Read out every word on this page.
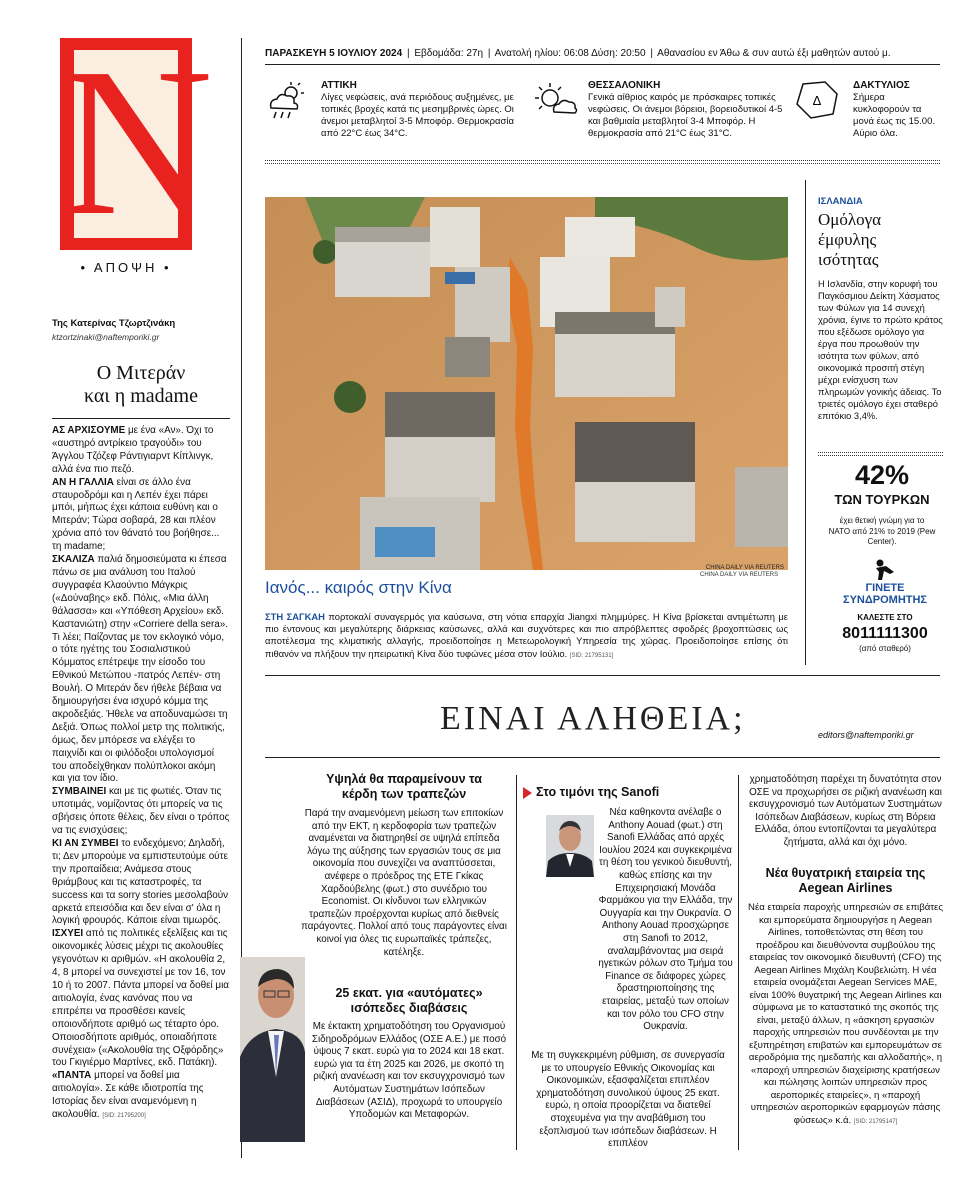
N
• ΑΠΟΨΗ •
ΠΑΡΑΣΚΕΥΗ 5 ΙΟΥΛΙΟΥ 2024 | Εβδομάδα: 27η | Ανατολή ηλίου: 06:08 Δύση: 20:50 | Αθανασίου εν Άθω & συν αυτώ έξι μαθητών αυτού μ.
ΑΤΤΙΚΗ
Λίγες νεφώσεις, ανά περιόδους αυξημένες, με τοπικές βροχές κατά τις μεσημβρινές ώρες. Οι άνεμοι μεταβλητοί 3-5 Μποφόρ. Θερμοκρασία από 22°C έως 34°C.
ΘΕΣΣΑΛΟΝΙΚΗ
Γενικά αίθριος καιρός με πρόσκαιρες τοπικές νεφώσεις. Οι άνεμοι βόρειοι, βορειοδυτικοί 4-5 και βαθμιαία μεταβλητοί 3-4 Μποφόρ. Η θερμοκρασία από 21°C έως 31°C.
Δ
ΔΑΚΤΥΛΙΟΣ
Σήμερα κυκλοφορούν τα μονά έως τις 15.00. Αύριο όλα.
Της Κατερίνας Τζωρτζινάκη
ktzortzinaki@naftemporiki.gr
Ο Μιτεράν
και η madame

ΑΣ ΑΡΧΙΣΟΥΜΕ με ένα «Αν». Όχι το «αυστηρό αντρίκειο τραγούδι» του Άγγλου Τζόζεφ Ράντιγιαρντ Κίπλινγκ, αλλά ένα πιο πεζό.

ΑΝ Η ΓΑΛΛΙΑ είναι σε άλλο ένα σταυροδρόμι και η Λεπέν έχει πάρει μπόι, μήπως έχει κάποια ευθύνη και ο Μιτεράν; Τώρα σοβαρά, 28 και πλέον χρόνια από τον θάνατό του βοήθησε... τη madame;

ΣΚΑΛΙΖΑ παλιά δημοσιεύματα κι έπεσα πάνω σε μια ανάλυση του Ιταλού συγγραφέα Κλαούντιο Μάγκρις («Δούναβης» εκδ. Πόλις, «Μια άλλη θάλασσα» και «Υπόθεση Αρχείου» εκδ. Καστανιώτη) στην «Corriere della sera». Τι λέει; Παίζοντας με τον εκλογικό νόμο, ο τότε ηγέτης του Σοσιαλιστικού Κόμματος επέτρεψε την είσοδο του Εθνικού Μετώπου -πατρός Λεπέν- στη Βουλή. Ο Μιτεράν δεν ήθελε βέβαια να δημιουργήσει ένα ισχυρό κόμμα της ακροδεξιάς. Ήθελε να αποδυναμώσει τη Δεξιά. Όπως πολλοί μετρ της πολιτικής, όμως, δεν μπόρεσε να ελέγξει το παιχνίδι και οι φιλόδοξοι υπολογισμοί του αποδείχθηκαν πολύπλοκοι ακόμη και για τον ίδιο.

ΣΥΜΒΑΙΝΕΙ και με τις φωτιές. Όταν τις υποτιμάς, νομίζοντας ότι μπορείς να τις σβήσεις όποτε θέλεις, δεν είναι ο τρόπος να τις ενισχύσεις;

ΚΙ ΑΝ ΣΥΜΒΕΙ το ενδεχόμενο; Δηλαδή, τι; Δεν μπορούμε να εμπιστευτούμε ούτε την προπαίδεια; Ανάμεσα στους θριάμβους και τις καταστροφές, τα success και τα sorry stories μεσολαβούν αρκετά επεισόδια και δεν είναι σ' όλα η λογική φρουρός. Κάποιε είναι τιμωρός.

ΙΣΧΥΕΙ από τις πολιτικές εξελίξεις και τις οικονομικές λύσεις μέχρι τις ακολουθίες γεγονότων κι αριθμών. «Η ακολουθία 2, 4, 8 μπορεί να συνεχιστεί με τον 16, τον 10 ή το 2007. Πάντα μπορεί να δοθεί μια αιτιολογία, ένας κανόνας που να επιτρέπει να προσθέσει κανείς οποιονδήποτε αριθμό ως τέταρτο όρο. Οποιοσδήποτε αριθμός, οποιαδήποτε συνέχεια» («Ακολουθία της Οξφόρδης» του Γκιγιέρμο Μαρτίνες, εκδ. Πατάκη).

«ΠΑΝΤΑ μπορεί να δοθεί μια αιτιολογία». Σε κάθε ιδιοτροπία της Ιστορίας δεν είναι αναμενόμενη η ακολουθία. [SID: 21795200]

CHINA DAILY VIA REUTERS
CHINA DAILY VIA REUTERS
Ιανός... καιρός στην Κίνα
ΣΤΗ ΣΑΓΚΑΗ πορτοκαλί συναγερμός για καύσωνα, στη νότια επαρχία Jiangxi πλημμύρες. Η Κίνα βρίσκεται αντιμέτωπη με πιο έντονους και μεγαλύτερης διάρκειας καύσωνες, αλλά και συχνότερες και πιο απρόβλεπτες σφοδρές βροχοπτώσεις ως αποτέλεσμα της κλιματικής αλλαγής, προειδοποίησε η Μετεωρολογική Υπηρεσία της χώρας. Προειδοποίησε επίσης ότι πιθανόν να πλήξουν την ηπειρωτική Κίνα δύο τυφώνες μέσα στον Ιούλιο. [SID: 21795131]
ΙΣΛΑΝΔΙΑ
Ομόλογα έμφυλης ισότητας
Η Ισλανδία, στην κορυφή του Παγκόσμιου Δείκτη Χάσματος των Φύλων για 14 συνεχή χρόνια, έγινε το πρώτο κράτος που εξέδωσε ομόλογο για έργα που προωθούν την ισότητα των φύλων, από οικονομικά προσιτή στέγη μέχρι ενίσχυση των πληρωμών γονικής άδειας. Το τριετές ομόλογο έχει σταθερό επιτόκιο 3,4%.
42%
ΤΩΝ ΤΟΥΡΚΩΝ
έχει θετική γνώμη για το ΝΑΤΟ από 21% το 2019 (Pew Center).
ΓΙΝΕΤΕ
ΣΥΝΔΡΟΜΗΤΗΣ
ΚΑΛΕΣΤΕ ΣΤΟ
8011111300
(από σταθερό)
ΕΙΝΑΙ ΑΛΗΘΕΙΑ;	editors@naftemporiki.gr
Υψηλά θα παραμείνουν τα κέρδη των τραπεζών

Παρά την αναμενόμενη μείωση των επιτοκίων από την ΕΚΤ, η κερδοφορία των τραπεζών αναμένεται να διατηρηθεί σε υψηλά επίπεδα λόγω της αύξησης των εργασιών τους σε μια οικονομία που συνεχίζει να αναπτύσσεται, ανέφερε ο πρόεδρος της ΕΤΕ Γκίκας Χαρδούβελης (φωτ.) στο συνέδριο του Economist. Οι κίνδυνοι των ελληνικών τραπεζών προέρχονται κυρίως από διεθνείς παράγοντες. Πολλοί από τους παράγοντες είναι κοινοί για όλες τις ευρωπαϊκές τράπεζες, κατέληξε.

25 εκατ. για «αυτόματες» ισόπεδες διαβάσεις

Με έκτακτη χρηματοδότηση του Οργανισμού Σιδηροδρόμων Ελλάδος (ΟΣΕ Α.Ε.) με ποσό ύψους 7 εκατ. ευρώ για το 2024 και 18 εκατ. ευρώ για τα έτη 2025 και 2026, με σκοπό τη ριζική ανανέωση και τον εκσυγχρονισμό των Αυτόματων Συστημάτων Ισόπεδων Διαβάσεων (ΑΣΙΔ), προχωρά το υπουργείο Υποδομών και Μεταφορών.

Στο τιμόνι της Sanofi

Νέα καθηκοντα ανέλαβε ο Anthony Aouad (φωτ.) στη Sanofi Ελλάδας από αρχές Ιουλίου 2024 και συγκεκριμένα τη θέση του γενικού διευθυντή, καθώς επίσης και την Επιχειρησιακή Μονάδα Φαρμάκου για την Ελλάδα, την Ουγγαρία και την Ουκρανία. O Anthony Aouad προσχώρησε στη Sanofi το 2012, αναλαμβάνοντας μια σειρά ηγετικών ρόλων στο Τμήμα του Finance σε διάφορες χώρες δραστηριοποίησης της εταιρείας, μεταξύ των οποίων και τον ρόλο του CFO στην Ουκρανία.

Με τη συγκεκριμένη ρύθμιση, σε συνεργασία με το υπουργείο Εθνικής Οικονομίας και Οικονομικών, εξασφαλίζεται επιπλέον χρηματοδότηση συνολικού ύψους 25 εκατ. ευρώ, η οποία προορίζεται να διατεθεί στοχευμένα για την αναβάθμιση του εξοπλισμού των ισόπεδων διαβάσεων. Η επιπλέον

χρηματοδότηση παρέχει τη δυνατότητα στον ΟΣΕ να προχωρήσει σε ριζική ανανέωση και εκσυγχρονισμό των Αυτόματων Συστημάτων Ισόπεδων Διαβάσεων, κυρίως στη Βόρεια Ελλάδα, όπου εντοπίζονται τα μεγαλύτερα ζητήματα, αλλά και όχι μόνο.

Νέα θυγατρική εταιρεία της Aegean Airlines

Νέα εταιρεία παροχής υπηρεσιών σε επιβάτες και εμπορεύματα δημιουργήσε η Aegean Airlines, τοποθετώντας στη θέση του προέδρου και διευθύνοντα συμβούλου της εταιρείας τον οικονομικό διευθυντή (CFO) της Aegean Airlines Μιχάλη Κουβελιώτη. Η νέα εταιρεία ονομάζεται Aegean Services MAE, είναι 100% θυγατρική της Aegean Airlines και σύμφωνα με το καταστατικό της σκοπός της είναι, μεταξύ άλλων, η «άσκηση εργασιών παροχής υπηρεσιών που συνδέονται με την εξυπηρέτηση επιβατών και εμπορευμάτων σε αεροδρόμια της ημεδαπής και αλλοδαπής», η «παροχή υπηρεσιών διαχείρισης κρατήσεων και πώλησης λοιπών υπηρεσιών προς αεροπορικές εταιρείες», η «παροχή υπηρεσιών αεροπορικών εφαρμογών πάσης φύσεως» κ.ά. [SID: 21795147]
